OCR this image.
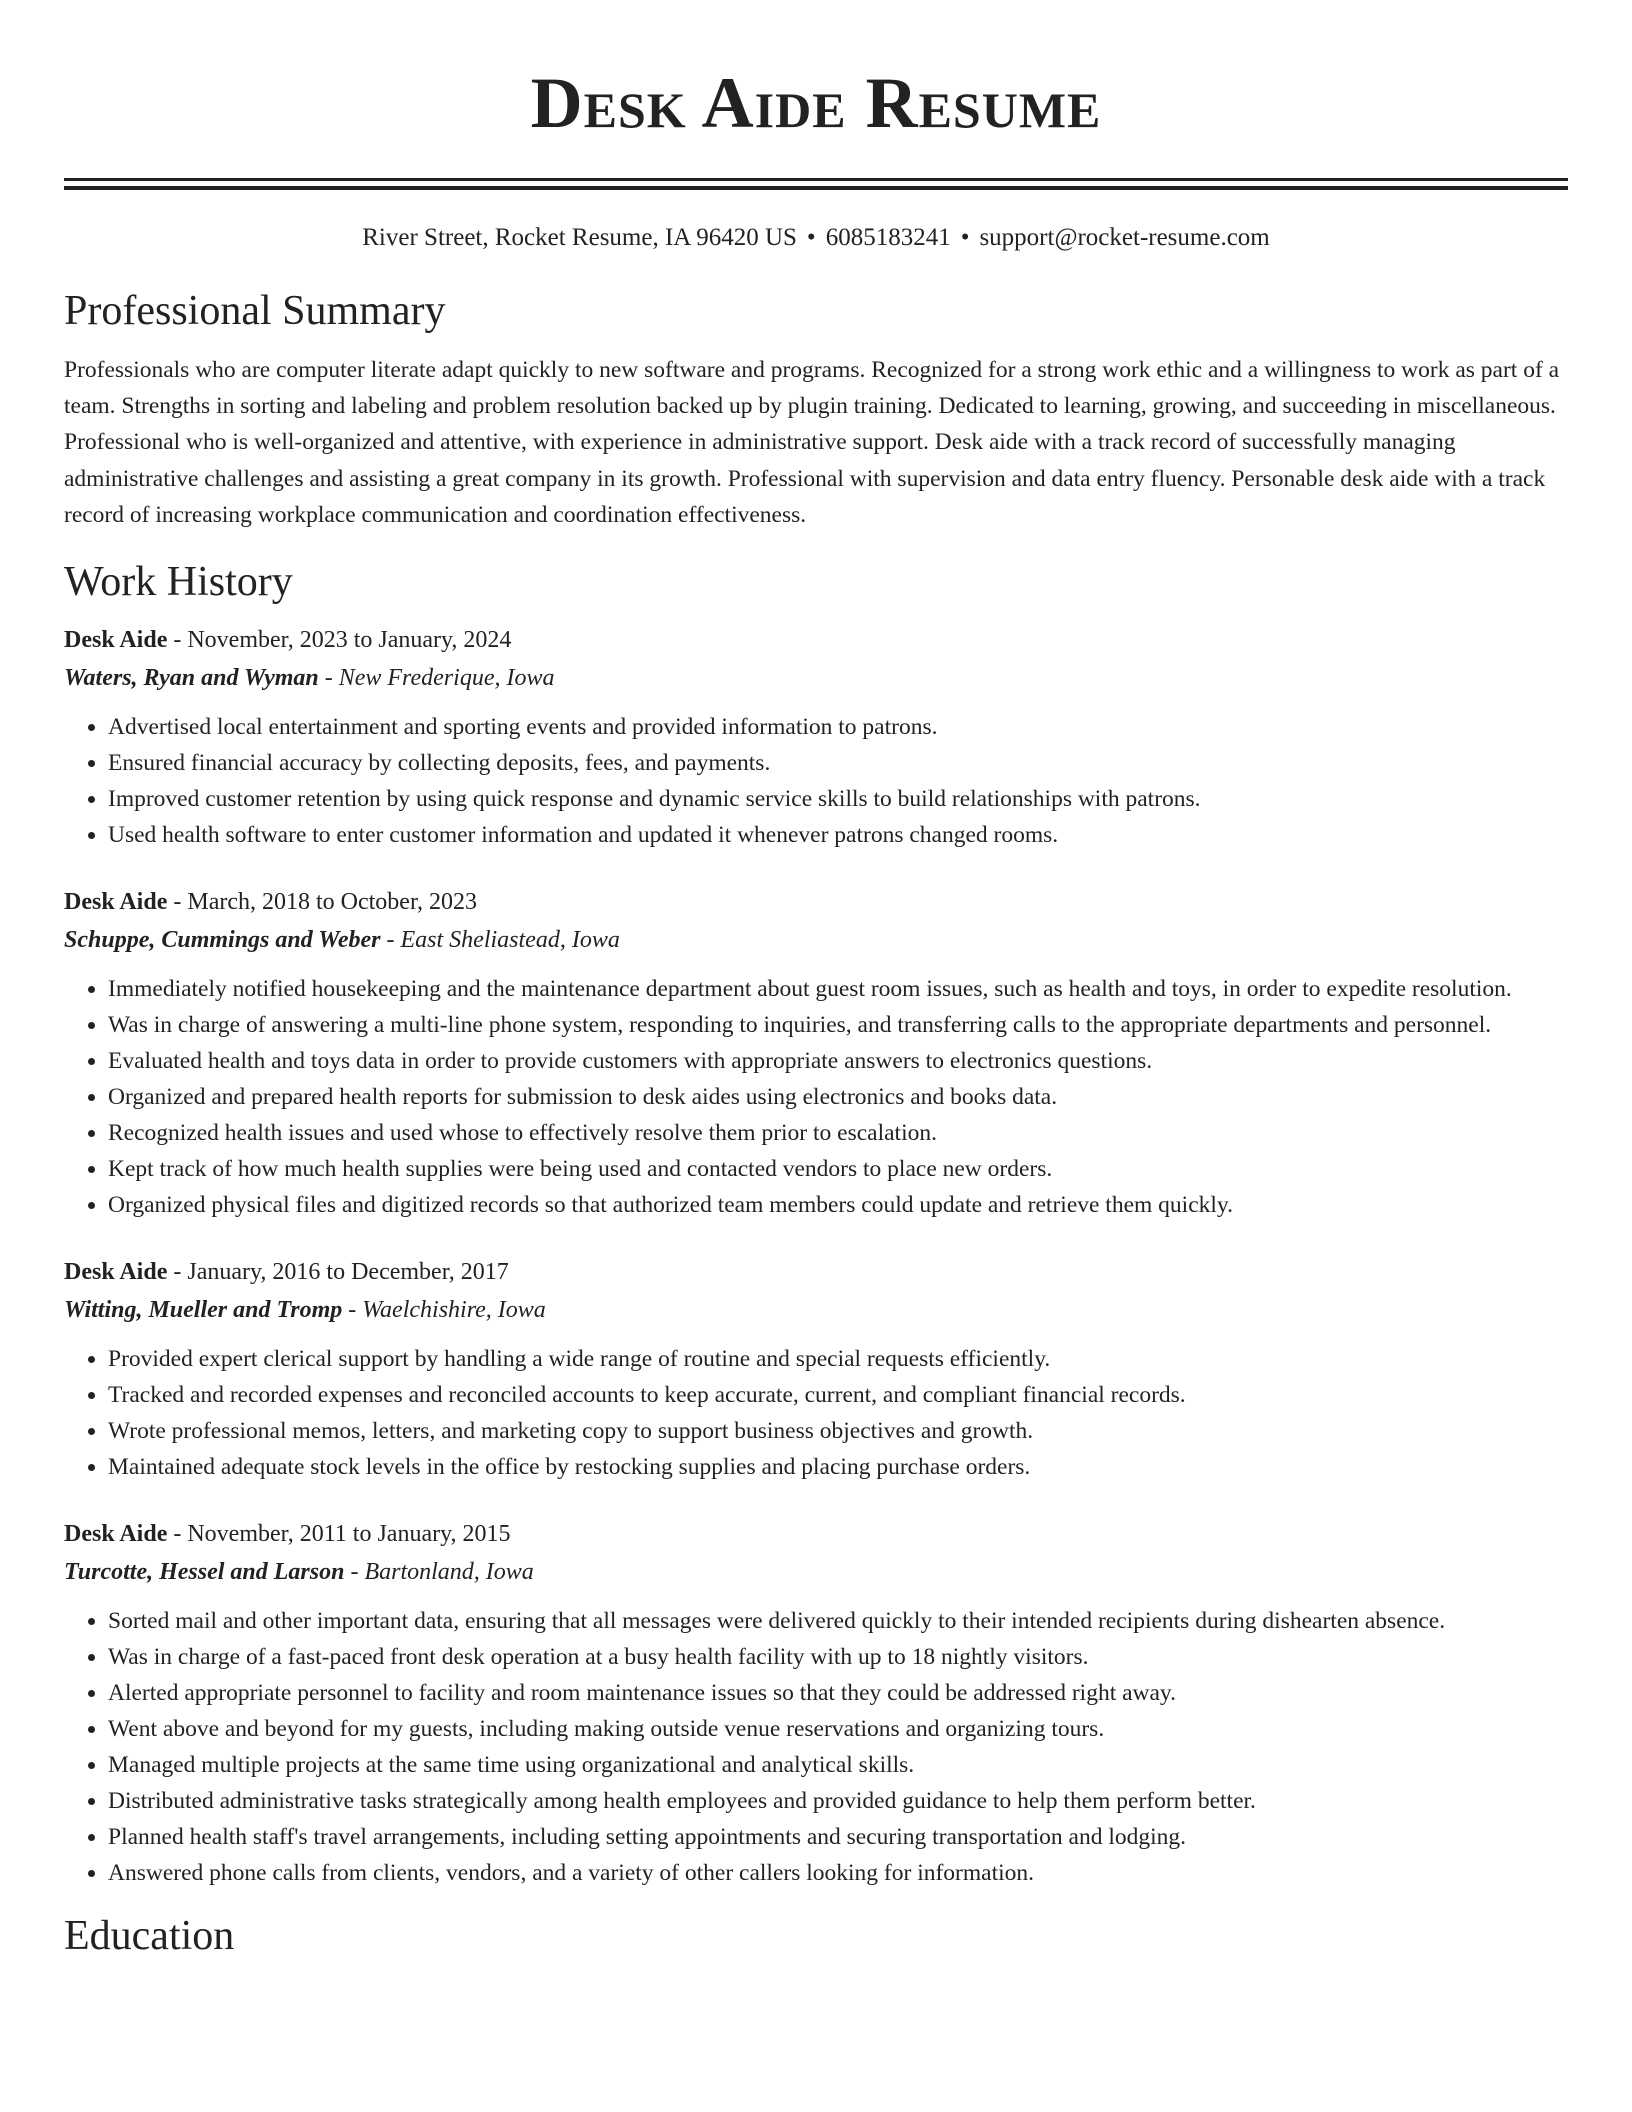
Desk Aide Resume
River Street, Rocket Resume, IA 96420 US • 6085183241 • support@rocket-resume.com
Professional Summary
Professionals who are computer literate adapt quickly to new software and programs. Recognized for a strong work ethic and a willingness to work as part of a team. Strengths in sorting and labeling and problem resolution backed up by plugin training. Dedicated to learning, growing, and succeeding in miscellaneous. Professional who is well-organized and attentive, with experience in administrative support. Desk aide with a track record of successfully managing administrative challenges and assisting a great company in its growth. Professional with supervision and data entry fluency. Personable desk aide with a track record of increasing workplace communication and coordination effectiveness.
Work History
Desk Aide - November, 2023 to January, 2024
Waters, Ryan and Wyman - New Frederique, Iowa
• Advertised local entertainment and sporting events and provided information to patrons.
• Ensured financial accuracy by collecting deposits, fees, and payments.
• Improved customer retention by using quick response and dynamic service skills to build relationships with patrons.
• Used health software to enter customer information and updated it whenever patrons changed rooms.
Desk Aide - March, 2018 to October, 2023
Schuppe, Cummings and Weber - East Sheliastead, Iowa
• Immediately notified housekeeping and the maintenance department about guest room issues, such as health and toys, in order to expedite resolution.
• Was in charge of answering a multi-line phone system, responding to inquiries, and transferring calls to the appropriate departments and personnel.
• Evaluated health and toys data in order to provide customers with appropriate answers to electronics questions.
• Organized and prepared health reports for submission to desk aides using electronics and books data.
• Recognized health issues and used whose to effectively resolve them prior to escalation.
• Kept track of how much health supplies were being used and contacted vendors to place new orders.
• Organized physical files and digitized records so that authorized team members could update and retrieve them quickly.
Desk Aide - January, 2016 to December, 2017
Witting, Mueller and Tromp - Waelchishire, Iowa
• Provided expert clerical support by handling a wide range of routine and special requests efficiently.
• Tracked and recorded expenses and reconciled accounts to keep accurate, current, and compliant financial records.
• Wrote professional memos, letters, and marketing copy to support business objectives and growth.
• Maintained adequate stock levels in the office by restocking supplies and placing purchase orders.
Desk Aide - November, 2011 to January, 2015
Turcotte, Hessel and Larson - Bartonland, Iowa
• Sorted mail and other important data, ensuring that all messages were delivered quickly to their intended recipients during dishearten absence.
• Was in charge of a fast-paced front desk operation at a busy health facility with up to 18 nightly visitors.
• Alerted appropriate personnel to facility and room maintenance issues so that they could be addressed right away.
• Went above and beyond for my guests, including making outside venue reservations and organizing tours.
• Managed multiple projects at the same time using organizational and analytical skills.
• Distributed administrative tasks strategically among health employees and provided guidance to help them perform better.
• Planned health staff's travel arrangements, including setting appointments and securing transportation and lodging.
• Answered phone calls from clients, vendors, and a variety of other callers looking for information.
Education
